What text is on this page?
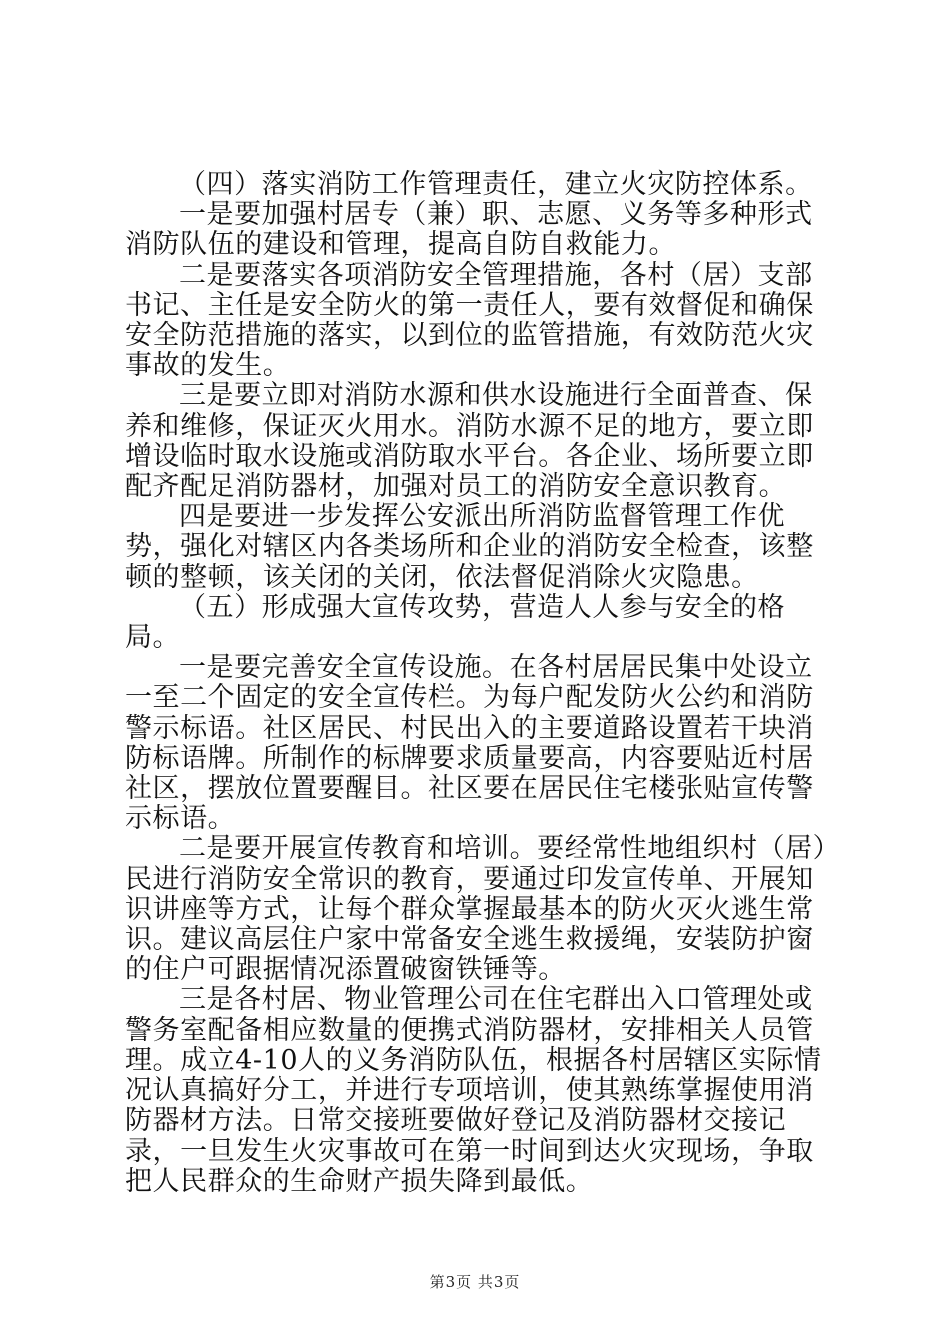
（四）落实消防工作管理责任，建立火灾防控体系。

一是要加强村居专（兼）职、志愿、义务等多种形式消防队伍的建设和管理，提高自防自救能力。

二是要落实各项消防安全管理措施，各村（居）支部书记、主任是安全防火的第一责任人，要有效督促和确保安全防范措施的落实，以到位的监管措施，有效防范火灾事故的发生。

三是要立即对消防水源和供水设施进行全面普查、保养和维修，保证灭火用水。消防水源不足的地方，要立即增设临时取水设施或消防取水平台。各企业、场所要立即配齐配足消防器材，加强对员工的消防安全意识教育。

四是要进一步发挥公安派出所消防监督管理工作优势，强化对辖区内各类场所和企业的消防安全检查，该整顿的整顿，该关闭的关闭，依法督促消除火灾隐患。

（五）形成强大宣传攻势，营造人人参与安全的格局。

一是要完善安全宣传设施。在各村居居民集中处设立一至二个固定的安全宣传栏。为每户配发防火公约和消防警示标语。社区居民、村民出入的主要道路设置若干块消防标语牌。所制作的标牌要求质量要高，内容要贴近村居社区，摆放位置要醒目。社区要在居民住宅楼张贴宣传警示标语。

二是要开展宣传教育和培训。要经常性地组织村（居）民进行消防安全常识的教育，要通过印发宣传单、开展知识讲座等方式，让每个群众掌握最基本的防火灭火逃生常识。建议高层住户家中常备安全逃生救援绳，安装防护窗的住户可跟据情况添置破窗铁锤等。

三是各村居、物业管理公司在住宅群出入口管理处或警务室配备相应数量的便携式消防器材，安排相关人员管理。成立4-10人的义务消防队伍，根据各村居辖区实际情况认真搞好分工，并进行专项培训，使其熟练掌握使用消防器材方法。日常交接班要做好登记及消防器材交接记录，一旦发生火灾事故可在第一时间到达火灾现场，争取把人民群众的生命财产损失降到最低。

第3页 共3页
